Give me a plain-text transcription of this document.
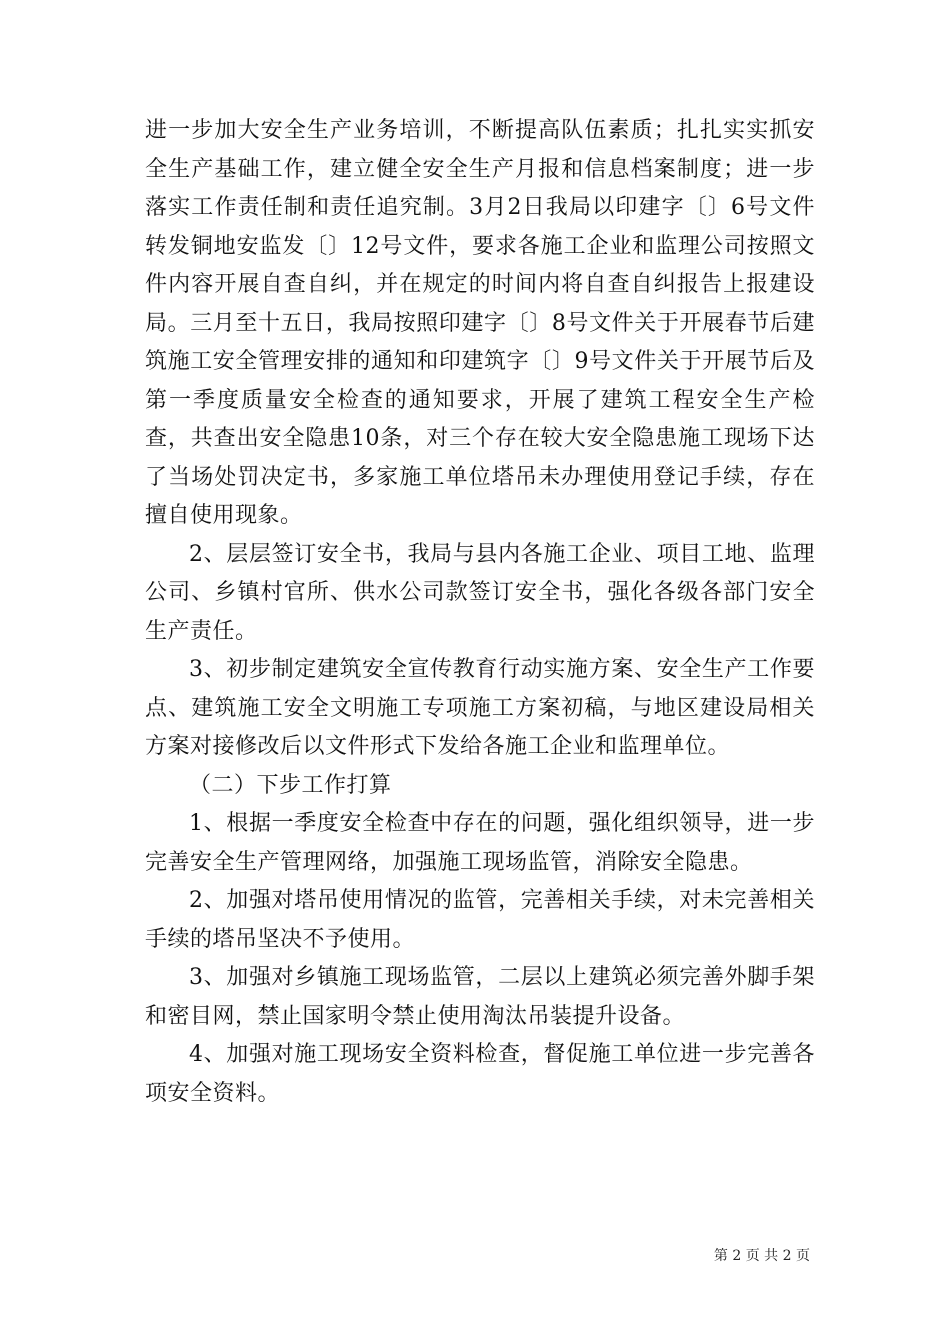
进一步加大安全生产业务培训，不断提高队伍素质；扎扎实实抓安全生产基础工作，建立健全安全生产月报和信息档案制度；进一步落实工作责任制和责任追究制。3月2日我局以印建字〔〕6号文件转发铜地安监发〔〕12号文件，要求各施工企业和监理公司按照文件内容开展自查自纠，并在规定的时间内将自查自纠报告上报建设局。三月至十五日，我局按照印建字〔〕8号文件关于开展春节后建筑施工安全管理安排的通知和印建筑字〔〕9号文件关于开展节后及第一季度质量安全检查的通知要求，开展了建筑工程安全生产检查，共查出安全隐患10条，对三个存在较大安全隐患施工现场下达了当场处罚决定书，多家施工单位塔吊未办理使用登记手续，存在擅自使用现象。

2、层层签订安全书，我局与县内各施工企业、项目工地、监理公司、乡镇村官所、供水公司款签订安全书，强化各级各部门安全生产责任。

3、初步制定建筑安全宣传教育行动实施方案、安全生产工作要点、建筑施工安全文明施工专项施工方案初稿，与地区建设局相关方案对接修改后以文件形式下发给各施工企业和监理单位。

（二）下步工作打算

1、根据一季度安全检查中存在的问题，强化组织领导，进一步完善安全生产管理网络，加强施工现场监管，消除安全隐患。

2、加强对塔吊使用情况的监管，完善相关手续，对未完善相关手续的塔吊坚决不予使用。

3、加强对乡镇施工现场监管，二层以上建筑必须完善外脚手架和密目网，禁止国家明令禁止使用淘汰吊装提升设备。

4、加强对施工现场安全资料检查，督促施工单位进一步完善各项安全资料。

第 2 页 共 2 页
